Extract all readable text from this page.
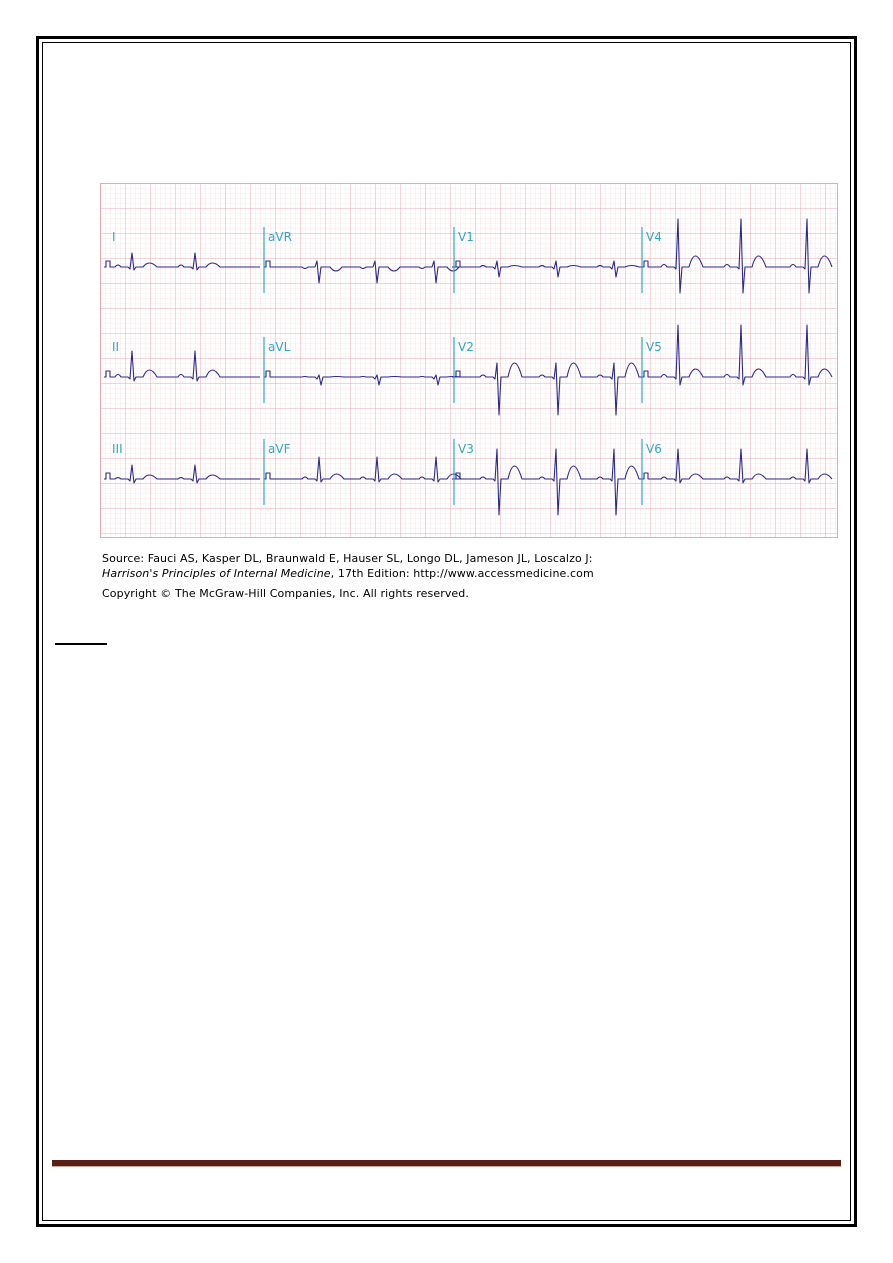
I	aVR	V1	V4
II	aVL	V2	V5
III	aVF	V3	V6
Source: Fauci AS, Kasper DL, Braunwald E, Hauser SL, Longo DL, Jameson JL, Loscalzo J:
Harrison's Principles of Internal Medicine, 17th Edition: http://www.accessmedicine.com
Copyright © The McGraw-Hill Companies, Inc. All rights reserved.
